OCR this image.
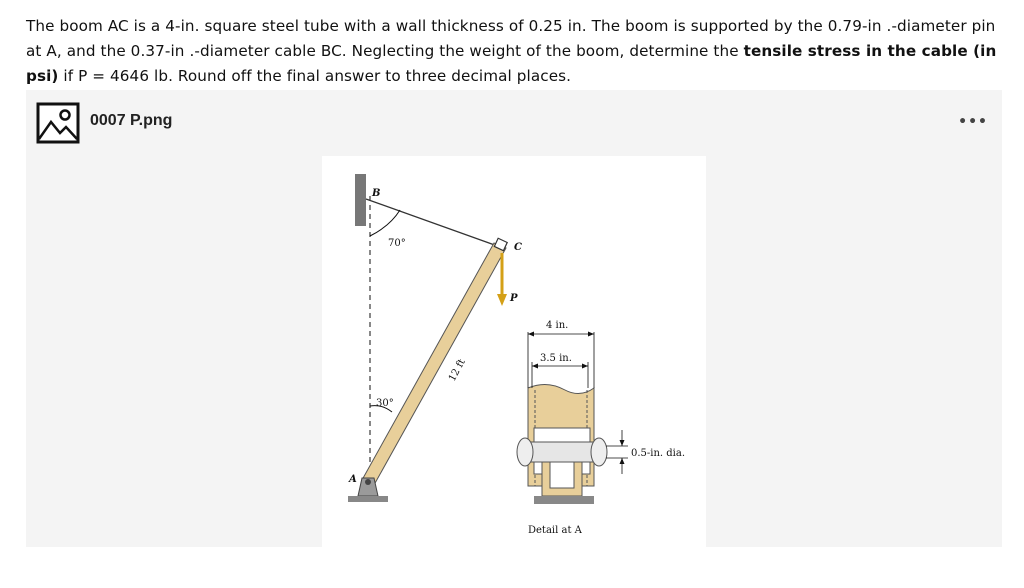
The boom AC is a 4-in. square steel tube with a wall thickness of 0.25 in. The boom is supported by the 0.79-in .-diameter pin at A, and the 0.37-in .-diameter cable BC. Neglecting the weight of the boom, determine the tensile stress in the cable (in psi) if P = 4646 lb. Round off the final answer to three decimal places.
0007 P.png	•••
B
C
P
A
70°
30°
12 ft
4 in.
3.5 in.
0.5-in. dia.
Detail at A
